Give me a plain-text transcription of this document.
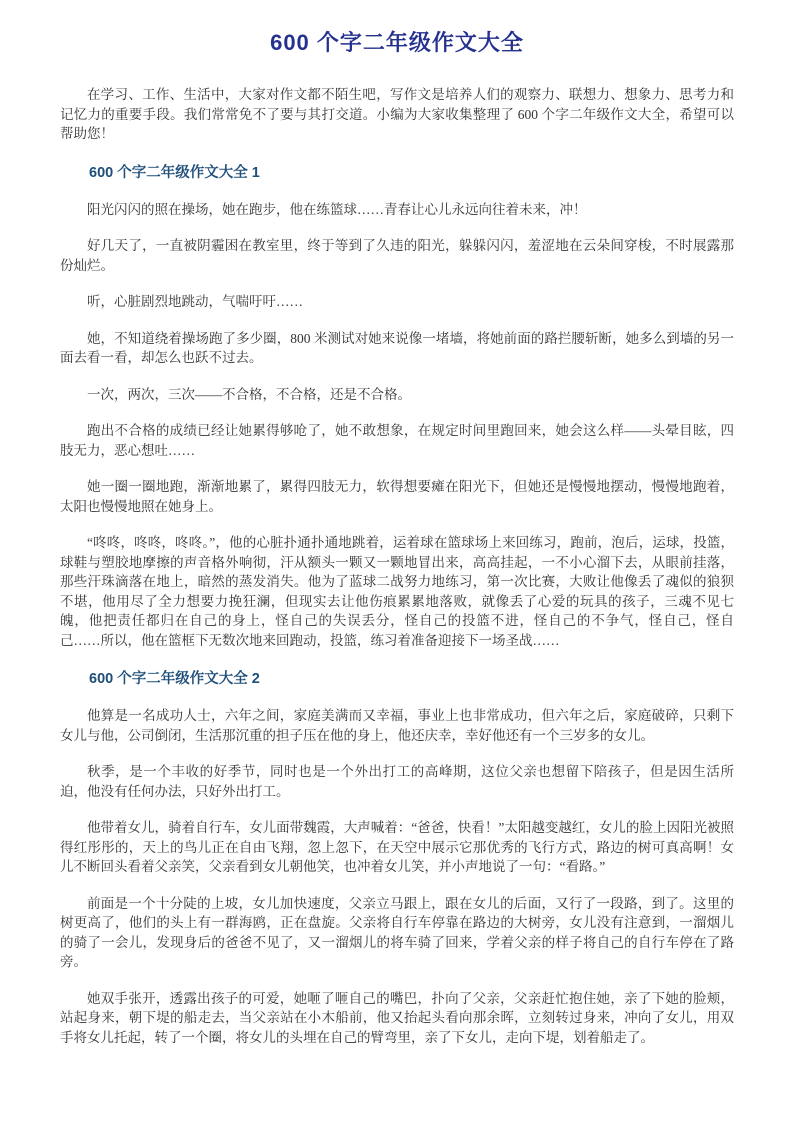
600 个字二年级作文大全

在学习、工作、生活中，大家对作文都不陌生吧，写作文是培养人们的观察力、联想力、想象力、思考力和记忆力的重要手段。我们常常免不了要与其打交道。小编为大家收集整理了 600 个字二年级作文大全，希望可以帮助您！

600 个字二年级作文大全 1

阳光闪闪的照在操场，她在跑步，他在练篮球……青春让心儿永远向往着未来，冲！

好几天了，一直被阴霾困在教室里，终于等到了久违的阳光，躲躲闪闪，羞涩地在云朵间穿梭，不时展露那份灿烂。

听，心脏剧烈地跳动，气喘吁吁……

她，不知道绕着操场跑了多少圈，800 米测试对她来说像一堵墙，将她前面的路拦腰斩断，她多么到墙的另一面去看一看，却怎么也跃不过去。

一次，两次，三次——不合格，不合格，还是不合格。

跑出不合格的成绩已经让她累得够呛了，她不敢想象，在规定时间里跑回来，她会这么样——头晕目眩，四肢无力，恶心想吐……

她一圈一圈地跑，渐渐地累了，累得四肢无力，软得想要瘫在阳光下，但她还是慢慢地摆动，慢慢地跑着，太阳也慢慢地照在她身上。

“咚咚，咚咚，咚咚。”，他的心脏扑通扑通地跳着，运着球在篮球场上来回练习，跑前，泡后，运球，投篮，球鞋与塑胶地摩擦的声音格外响彻，汗从额头一颗又一颗地冒出来，高高挂起，一不小心溜下去，从眼前挂落，那些汗珠滴落在地上，暗然的蒸发消失。他为了蓝球二战努力地练习，第一次比赛，大败让他像丢了魂似的狼狈不堪，他用尽了全力想要力挽狂澜，但现实去让他伤痕累累地落败，就像丢了心爱的玩具的孩子，三魂不见七魄，他把责任都归在自己的身上，怪自己的失误丢分，怪自己的投篮不进，怪自己的不争气，怪自己，怪自己……所以，他在篮框下无数次地来回跑动，投篮，练习着准备迎接下一场圣战……

600 个字二年级作文大全 2

他算是一名成功人士，六年之间，家庭美满而又幸福，事业上也非常成功，但六年之后，家庭破碎，只剩下女儿与他，公司倒闭，生活那沉重的担子压在他的身上，他还庆幸，幸好他还有一个三岁多的女儿。

秋季，是一个丰收的好季节，同时也是一个外出打工的高峰期，这位父亲也想留下陪孩子，但是因生活所迫，他没有任何办法，只好外出打工。

他带着女儿，骑着自行车，女儿面带魏霞，大声喊着：“爸爸，快看！”太阳越变越红，女儿的脸上因阳光被照得红彤彤的，天上的鸟儿正在自由飞翔，忽上忽下，在天空中展示它那优秀的飞行方式，路边的树可真高啊！女儿不断回头看着父亲笑，父亲看到女儿朝他笑，也冲着女儿笑，并小声地说了一句：“看路。”

前面是一个十分陡的上坡，女儿加快速度，父亲立马跟上，跟在女儿的后面，又行了一段路，到了。这里的树更高了，他们的头上有一群海鸥，正在盘旋。父亲将自行车停靠在路边的大树旁，女儿没有注意到，一溜烟儿的骑了一会儿，发现身后的爸爸不见了，又一溜烟儿的将车骑了回来，学着父亲的样子将自己的自行车停在了路旁。

她双手张开，透露出孩子的可爱，她咂了咂自己的嘴巴，扑向了父亲，父亲赶忙抱住她，亲了下她的脸颊，站起身来，朝下堤的船走去，当父亲站在小木船前，他又抬起头看向那余晖，立刻转过身来，冲向了女儿，用双手将女儿托起，转了一个圈，将女儿的头埋在自己的臂弯里，亲了下女儿，走向下堤，划着船走了。
